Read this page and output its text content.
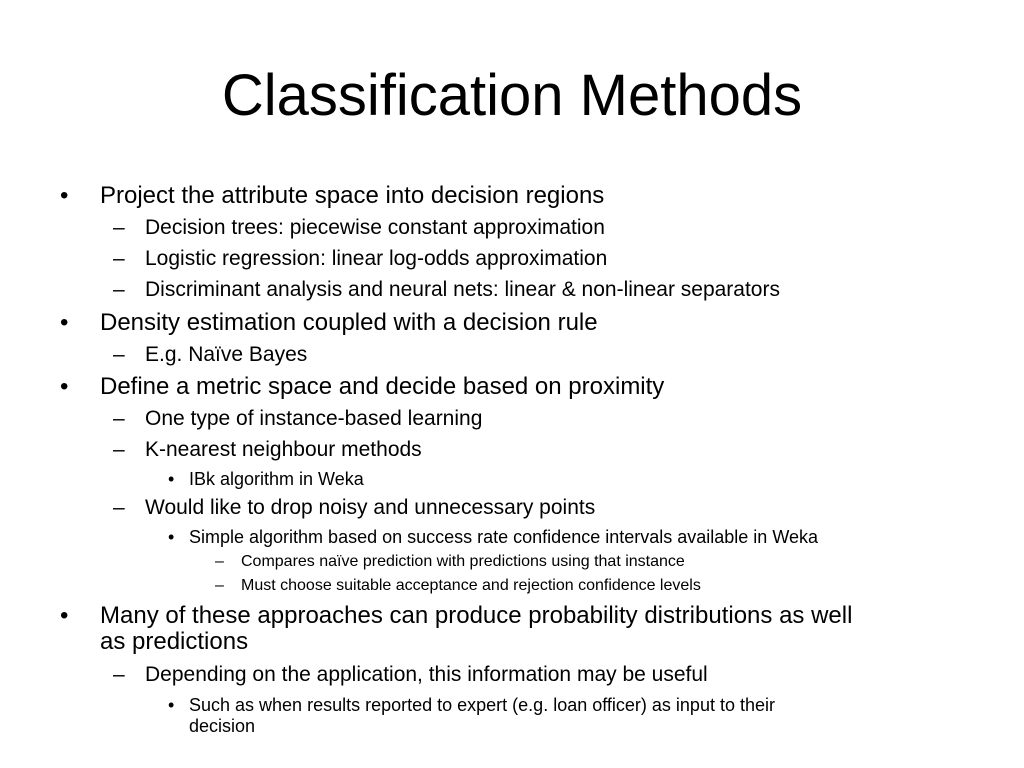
Classification Methods
• Project the attribute space into decision regions
– Decision trees: piecewise constant approximation
– Logistic regression: linear log-odds approximation
– Discriminant analysis and neural nets: linear & non-linear separators
• Density estimation coupled with a decision rule
– E.g. Naïve Bayes
• Define a metric space and decide based on proximity
– One type of instance-based learning
– K-nearest neighbour methods
• IBk algorithm in Weka
– Would like to drop noisy and unnecessary points
• Simple algorithm based on success rate confidence intervals available in Weka
– Compares naïve prediction with predictions using that instance
– Must choose suitable acceptance and rejection confidence levels
• Many of these approaches can produce probability distributions as well
as predictions
– Depending on the application, this information may be useful
• Such as when results reported to expert (e.g. loan officer) as input to their
decision
